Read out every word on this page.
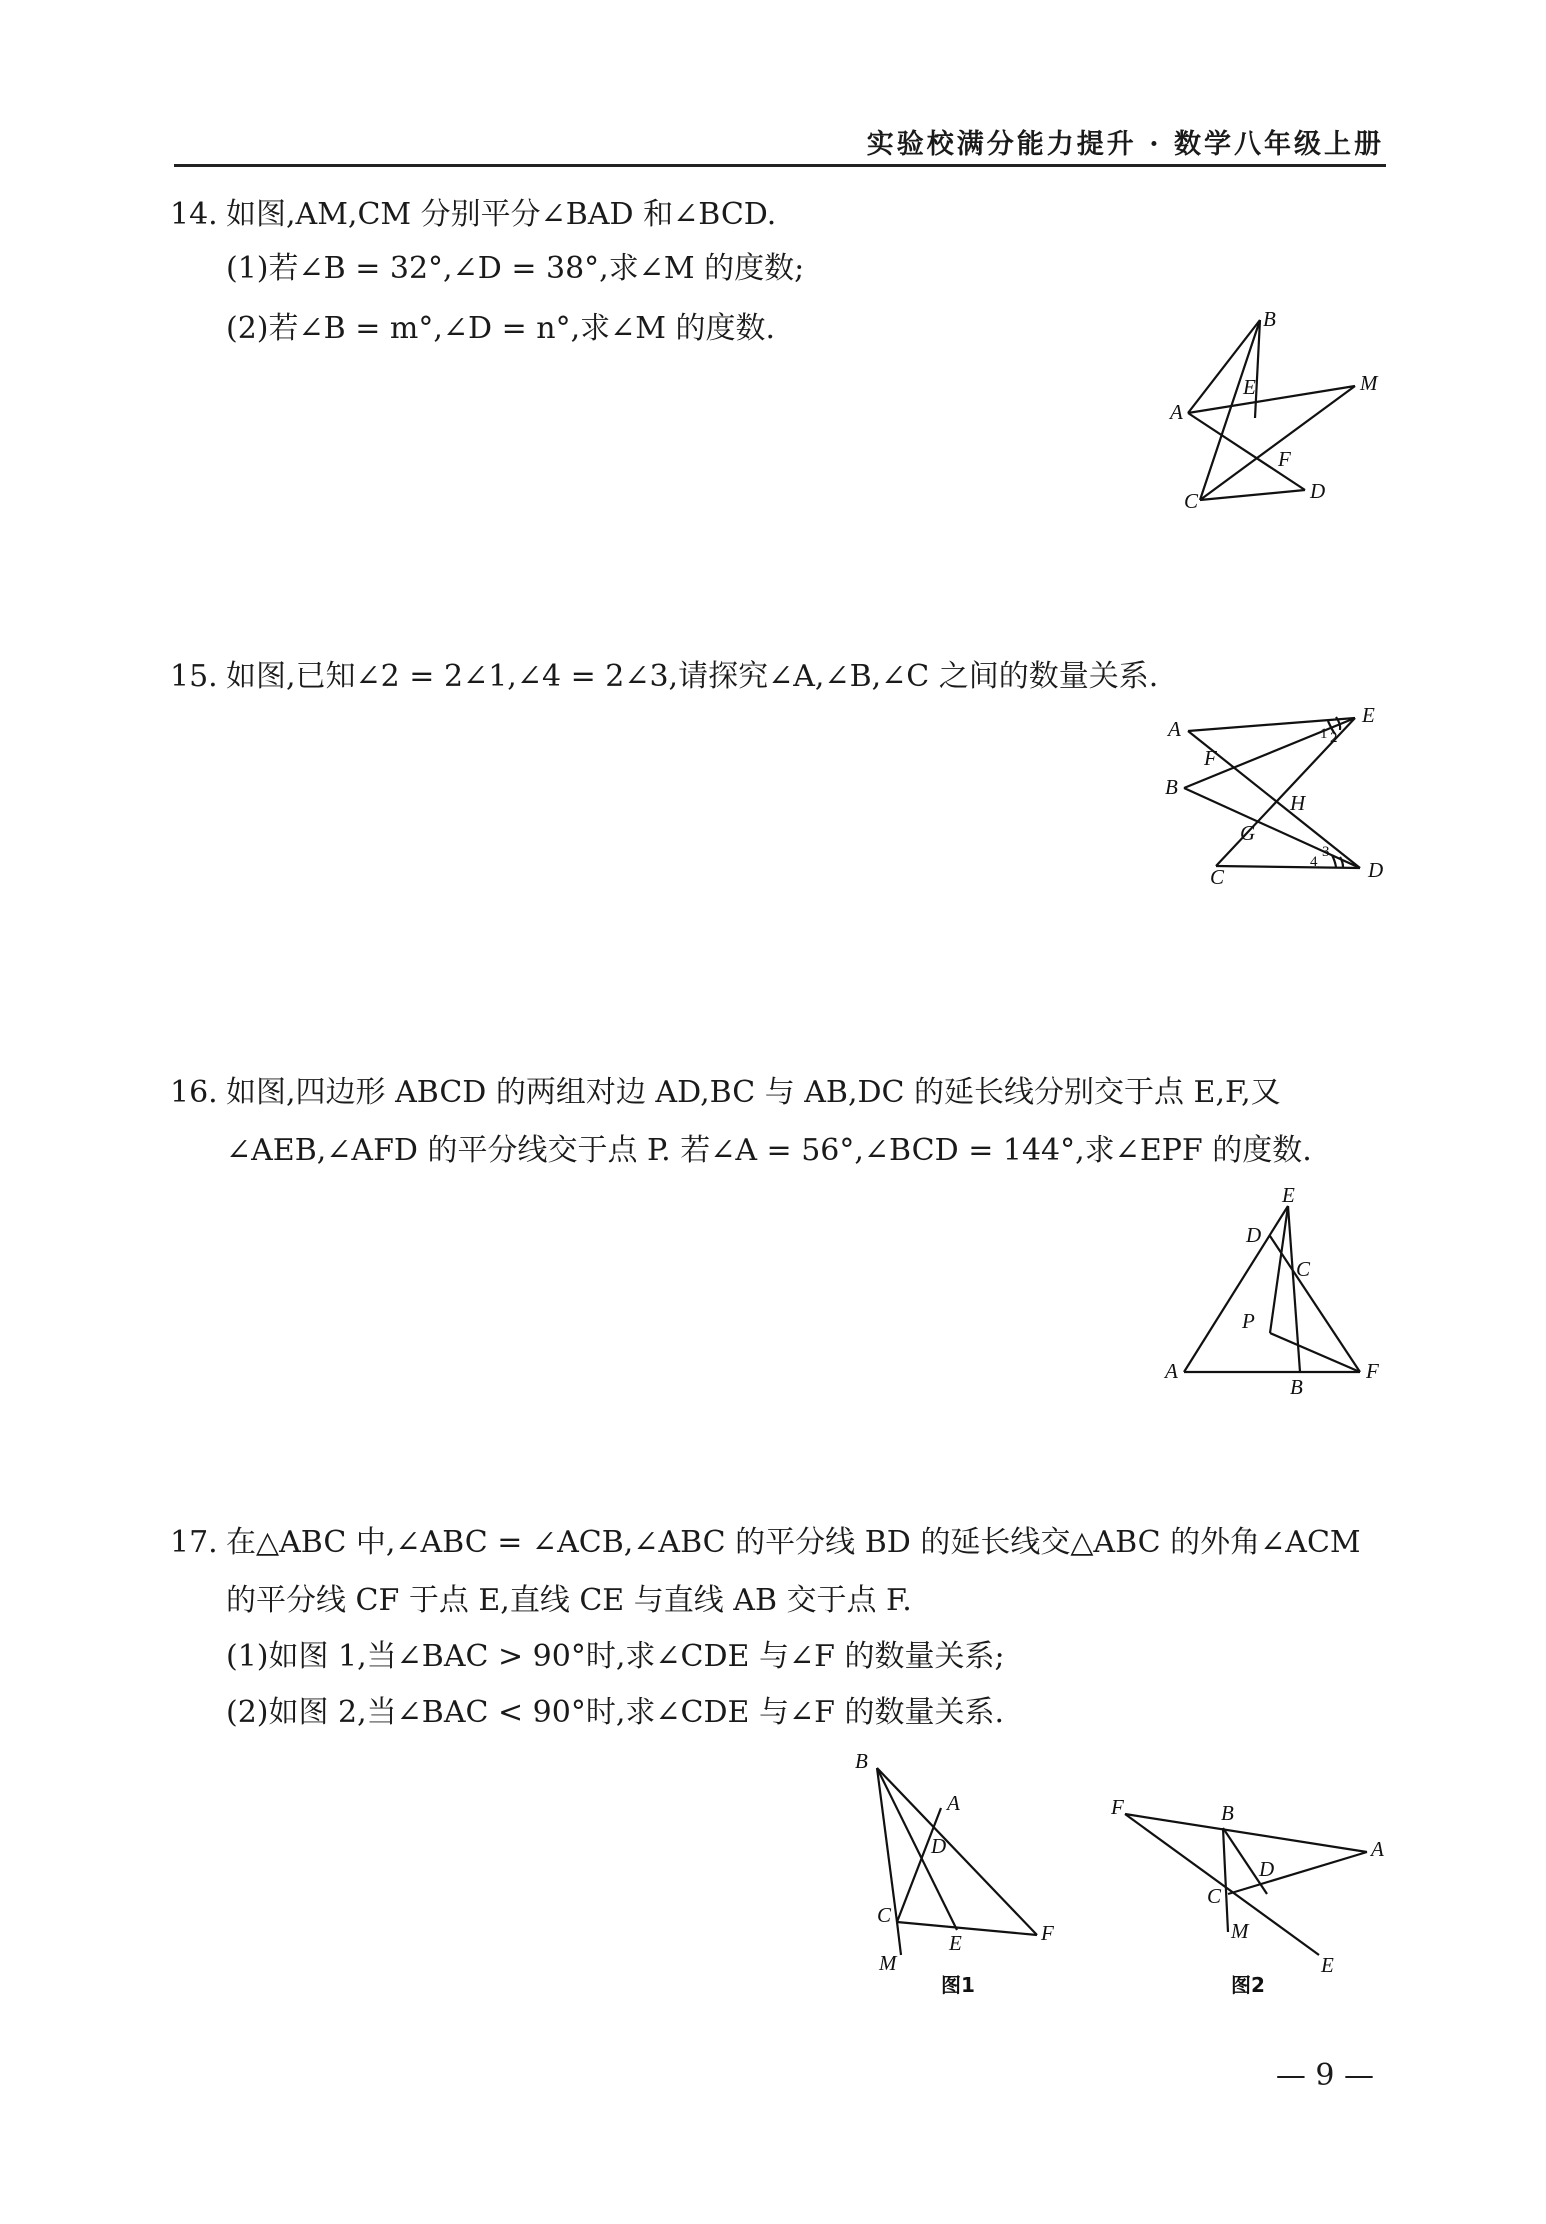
实验校满分能力提升 · 数学八年级上册
14. 如图,AM,CM 分别平分∠BAD 和∠BCD.
(1)若∠B = 32°,∠D = 38°,求∠M 的度数;
(2)若∠B = m°,∠D = n°,求∠M 的度数.	B
E	M
A
F
C	D
15. 如图,已知∠2 = 2∠1,∠4 = 2∠3,请探究∠A,∠B,∠C 之间的数量关系.
A
E
F
B
H
G
C	D
1 2
3
4
16. 如图,四边形 ABCD 的两组对边 AD,BC 与 AB,DC 的延长线分别交于点 E,F,又
∠AEB,∠AFD 的平分线交于点 P. 若∠A = 56°,∠BCD = 144°,求∠EPF 的度数.
E
D
C
P
A
B
F
17. 在△ABC 中,∠ABC = ∠ACB,∠ABC 的平分线 BD 的延长线交△ABC 的外角∠ACM
的平分线 CF 于点 E,直线 CE 与直线 AB 交于点 F.
(1)如图 1,当∠BAC > 90°时,求∠CDE 与∠F 的数量关系;
(2)如图 2,当∠BAC < 90°时,求∠CDE 与∠F 的数量关系.
B
A
D
C
E	F
M
图1
F	B
A
D
C
M
E
图2
— 9 —
